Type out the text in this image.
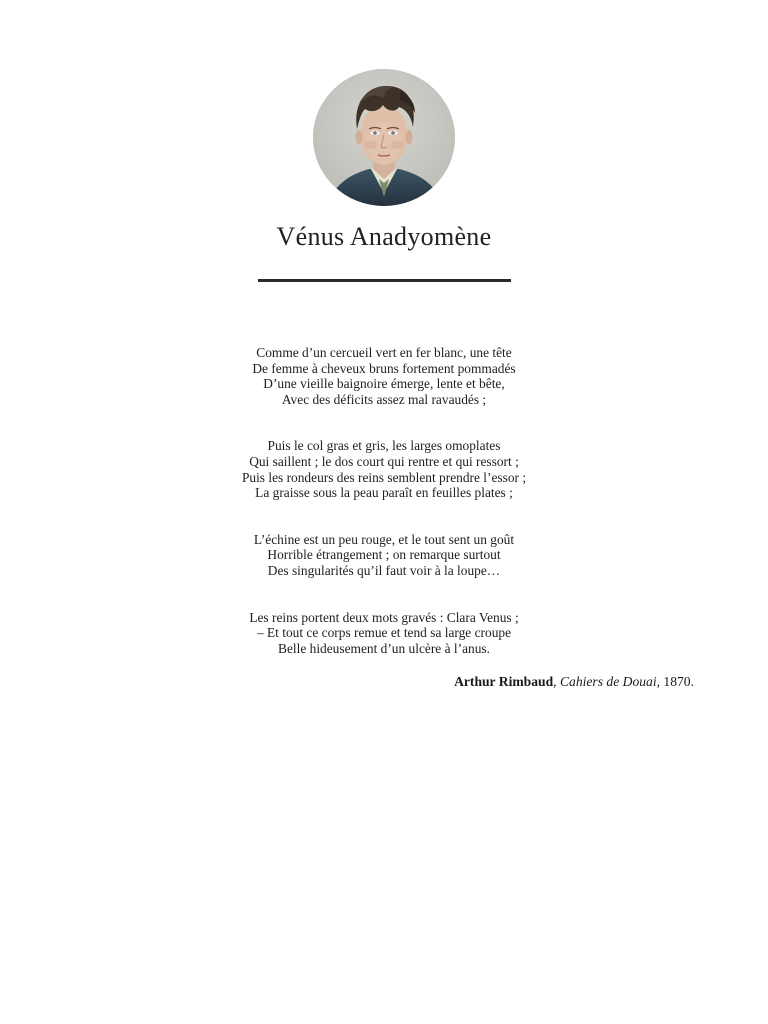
Vénus Anadyomène
Comme d’un cercueil vert en fer blanc, une tête
De femme à cheveux bruns fortement pommadés
D’une vieille baignoire émerge, lente et bête,
Avec des déficits assez mal ravaudés ;
Puis le col gras et gris, les larges omoplates
Qui saillent ; le dos court qui rentre et qui ressort ;
Puis les rondeurs des reins semblent prendre l’essor ;
La graisse sous la peau paraît en feuilles plates ;
L’échine est un peu rouge, et le tout sent un goût
Horrible étrangement ; on remarque surtout
Des singularités qu’il faut voir à la loupe…
Les reins portent deux mots gravés : Clara Venus ;
– Et tout ce corps remue et tend sa large croupe
Belle hideusement d’un ulcère à l’anus.
Arthur Rimbaud, Cahiers de Douai, 1870.
